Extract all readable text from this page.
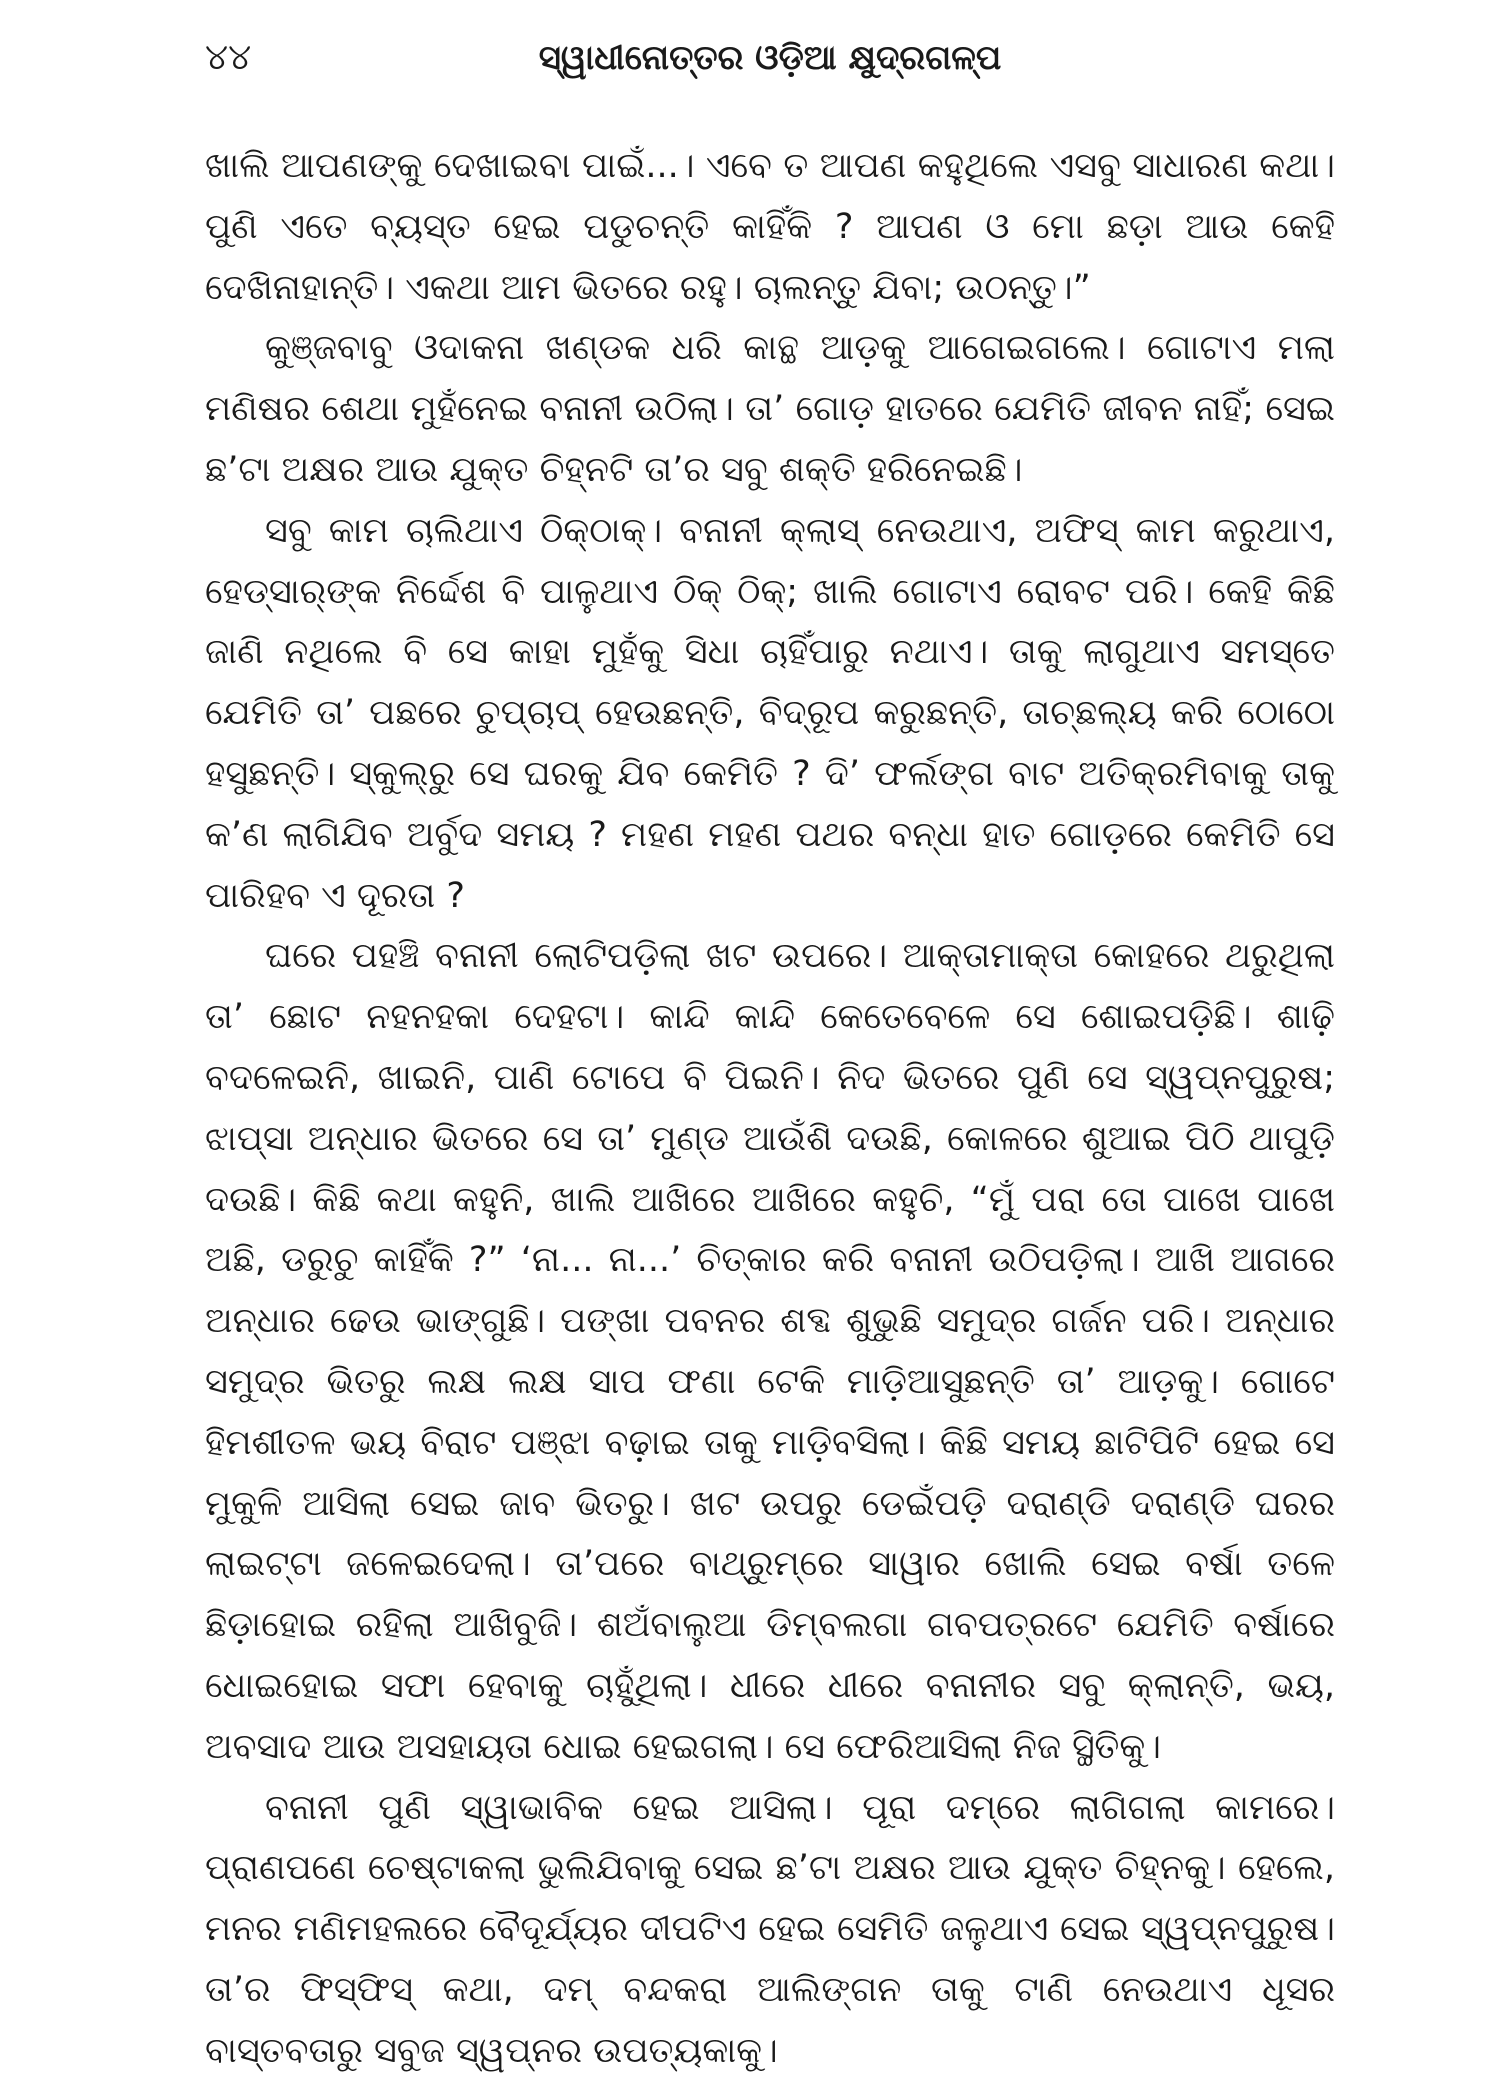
୪୪	ସ୍ୱାଧୀନୋତ୍ତର ଓଡ଼ିଆ କ୍ଷୁଦ୍ରଗଳ୍ପ

ଖାଲି ଆପଣଙ୍କୁ ଦେଖାଇବା ପାଇଁ...। ଏବେ ତ ଆପଣ କହୁଥିଲେ ଏସବୁ ସାଧାରଣ କଥା। ପୁଣି ଏତେ ବ୍ୟସ୍ତ ହେଇ ପଡୁଚନ୍ତି କାହିଁକି ? ଆପଣ ଓ ମୋ ଛଡ଼ା ଆଉ କେହି ଦେଖିନାହାନ୍ତି। ଏକଥା ଆମ ଭିତରେ ରହୁ। ଚାଲନ୍ତୁ ଯିବା; ଉଠନ୍ତୁ।”

କୁଞ୍ଜବାବୁ ଓଦାକନା ଖଣ୍ଡକ ଧରି କାନ୍ଥ ଆଡ଼କୁ ଆଗେଇଗଲେ। ଗୋଟାଏ ମଲା ମଣିଷର ଶେଥା ମୁହଁନେଇ ବନାନୀ ଉଠିଲା। ତା’ ଗୋଡ଼ ହାତରେ ଯେମିତି ଜୀବନ ନାହିଁ; ସେଇ ଛ’ଟା ଅକ୍ଷର ଆଉ ଯୁକ୍ତ ଚିହ୍ନଟି ତା’ର ସବୁ ଶକ୍ତି ହରିନେଇଛି।

ସବୁ କାମ ଚାଲିଥାଏ ଠିକ୍‌ଠାକ୍‌। ବନାନୀ କ୍ଲାସ୍ ନେଉଥାଏ, ଅଫିସ୍ କାମ କରୁଥାଏ, ହେଡ୍‌ସାର୍‌ଙ୍କ ନିର୍ଦ୍ଦେଶ ବି ପାଳୁଥାଏ ଠିକ୍ ଠିକ୍; ଖାଲି ଗୋଟାଏ ରୋବଟ ପରି। କେହି କିଛି ଜାଣି ନଥିଲେ ବି ସେ କାହା ମୁହଁକୁ ସିଧା ଚାହିଁପାରୁ ନଥାଏ। ତାକୁ ଲାଗୁଥାଏ ସମସ୍ତେ ଯେମିତି ତା’ ପଛରେ ଚୁପ୍‌ଚାପ୍ ହେଉଛନ୍ତି, ବିଦ୍ରୂପ କରୁଛନ୍ତି, ତାଚ୍ଛଲ୍ୟ କରି ଠୋଠୋ ହସୁଛନ୍ତି। ସ୍କୁଲ୍‌ରୁ ସେ ଘରକୁ ଯିବ କେମିତି ? ଦି’ ଫର୍ଲଙ୍ଗ ବାଟ ଅତିକ୍ରମିବାକୁ ତାକୁ କ’ଣ ଲାଗିଯିବ ଅର୍ବୁଦ ସମୟ ? ମହଣ ମହଣ ପଥର ବନ୍ଧା ହାତ ଗୋଡ଼ରେ କେମିତି ସେ ପାରିହବ ଏ ଦୂରତା ?

ଘରେ ପହଞ୍ଚି ବନାନୀ ଲୋଟିପଡ଼ିଲା ଖଟ ଉପରେ। ଆକ୍ତାମାକ୍ତା କୋହରେ ଥରୁଥିଲା ତା’ ଛୋଟ ନହନହକା ଦେହଟା। କାନ୍ଦି କାନ୍ଦି କେତେବେଳେ ସେ ଶୋଇପଡ଼ିଛି। ଶାଢ଼ି ବଦଳେଇନି, ଖାଇନି, ପାଣି ଟୋପେ ବି ପିଇନି। ନିଦ ଭିତରେ ପୁଣି ସେ ସ୍ୱପ୍ନପୁରୁଷ; ଝାପ୍‌ସା ଅନ୍ଧାର ଭିତରେ ସେ ତା’ ମୁଣ୍ଡ ଆଉଁଶି ଦଉଛି, କୋଳରେ ଶୁଆଇ ପିଠି ଥାପୁଡ଼ି ଦଉଛି। କିଛି କଥା କହୁନି, ଖାଲି ଆଖିରେ ଆଖିରେ କହୁଚି, “ମୁଁ ପରା ତୋ ପାଖେ ପାଖେ ଅଛି, ଡରୁଚୁ କାହିଁକି ?” ‘ନା... ନା...’ ଚିତ୍କାର କରି ବନାନୀ ଉଠିପଡ଼ିଲା। ଆଖି ଆଗରେ ଅନ୍ଧାର ଢେଉ ଭାଙ୍ଗୁଛି। ପଙ୍ଖା ପବନର ଶବ୍ଦ ଶୁଭୁଛି ସମୁଦ୍ର ଗର୍ଜନ ପରି। ଅନ୍ଧାର ସମୁଦ୍ର ଭିତରୁ ଲକ୍ଷ ଲକ୍ଷ ସାପ ଫଣା ଟେକି ମାଡ଼ିଆସୁଛନ୍ତି ତା’ ଆଡ଼କୁ। ଗୋଟେ ହିମଶୀତଳ ଭୟ ବିରାଟ ପଞ୍ଝା ବଢ଼ାଇ ତାକୁ ମାଡ଼ିବସିଲା। କିଛି ସମୟ ଛାଟିପିଟି ହେଇ ସେ ମୁକୁଳି ଆସିଲା ସେଇ ଜାବ ଭିତରୁ। ଖଟ ଉପରୁ ଡେଇଁପଡ଼ି ଦରାଣ୍ଡି ଦରାଣ୍ଡି ଘରର ଲାଇଟ୍‌ଟା ଜଳେଇଦେଲା। ତା’ପରେ ବାଥ୍‌ରୁମ୍‌ରେ ସାୱାର ଖୋଲି ସେଇ ବର୍ଷା ତଳେ ଛିଡ଼ାହୋଇ ରହିଲା ଆଖିବୁଜି। ଶଅଁବାଲୁଆ ଡିମ୍ବଲଗା ଗବପତ୍ରଟେ ଯେମିତି ବର୍ଷାରେ ଧୋଇହୋଇ ସଫା ହେବାକୁ ଚାହୁଁଥିଲା। ଧୀରେ ଧୀରେ ବନାନୀର ସବୁ କ୍ଲାନ୍ତି, ଭୟ, ଅବସାଦ ଆଉ ଅସହାୟତା ଧୋଇ ହେଇଗଲା। ସେ ଫେରିଆସିଲା ନିଜ ସ୍ଥିତିକୁ।

ବନାନୀ ପୁଣି ସ୍ୱାଭାବିକ ହେଇ ଆସିଲା। ପୂରା ଦମ୍‌ରେ ଲାଗିଗଲା କାମରେ। ପ୍ରାଣପଣେ ଚେଷ୍ଟାକଲା ଭୁଲିଯିବାକୁ ସେଇ ଛ’ଟା ଅକ୍ଷର ଆଉ ଯୁକ୍ତ ଚିହ୍ନକୁ। ହେଲେ, ମନର ମଣିମହଲରେ ବୈଦୂର୍ଯ୍ୟର ଦୀପଟିଏ ହେଇ ସେମିତି ଜଳୁଥାଏ ସେଇ ସ୍ୱପ୍ନପୁରୁଷ। ତା’ର ଫିସ୍‌ଫିସ୍ କଥା, ଦମ୍ ବନ୍ଦକରା ଆଲିଙ୍ଗନ ତାକୁ ଟାଣି ନେଉଥାଏ ଧୂସର ବାସ୍ତବତାରୁ ସବୁଜ ସ୍ୱପ୍ନର ଉପତ୍ୟକାକୁ।
